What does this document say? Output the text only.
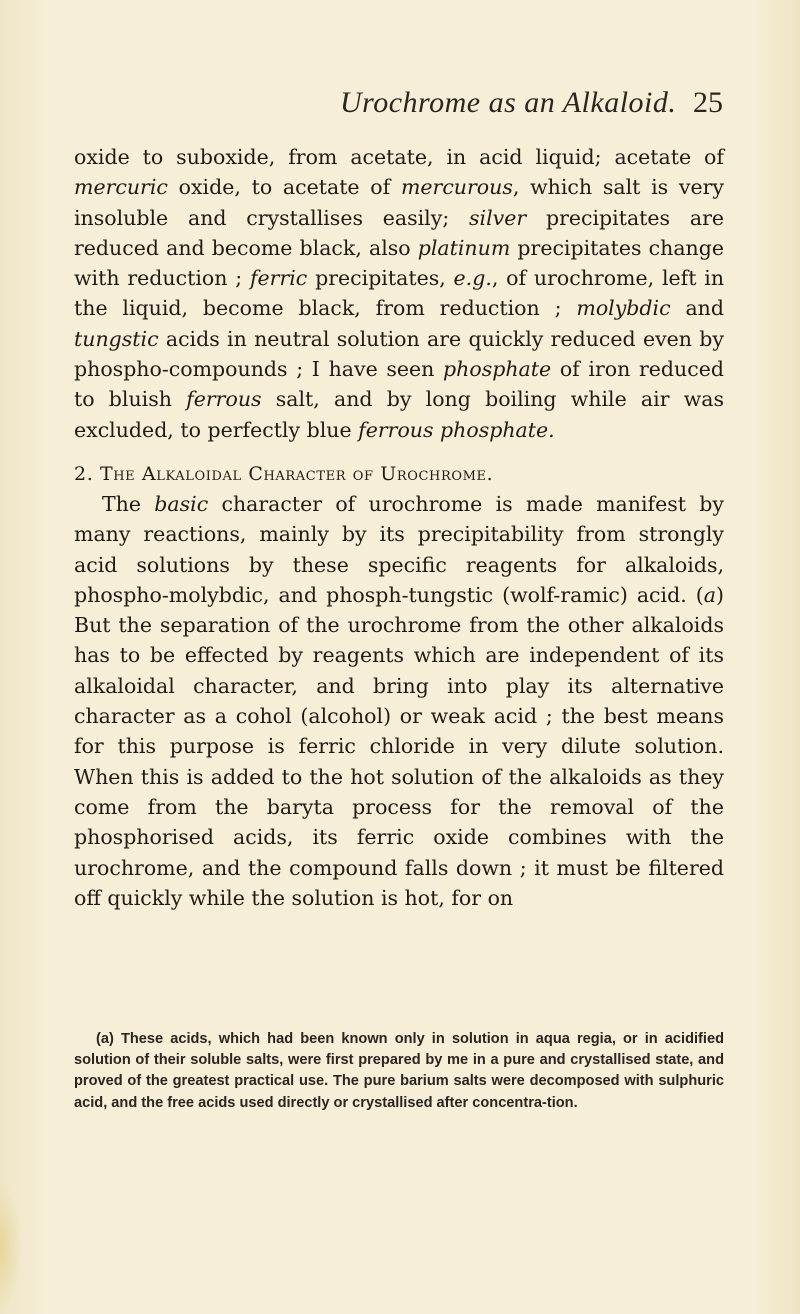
Urochrome as an Alkaloid. 25

oxide to suboxide, from acetate, in acid liquid; acetate of mercuric oxide, to acetate of mercurous, which salt is very insoluble and crystallises easily; silver precipitates are reduced and become black, also platinum precipitates change with reduction ; ferric precipitates, e.g., of urochrome, left in the liquid, become black, from reduction ; molybdic and tungstic acids in neutral solution are quickly reduced even by phospho-compounds ; I have seen phosphate of iron reduced to bluish ferrous salt, and by long boiling while air was excluded, to perfectly blue ferrous phosphate.

2. The Alkaloidal Character of Urochrome.

The basic character of urochrome is made manifest by many reactions, mainly by its precipitability from strongly acid solutions by these specific reagents for alkaloids, phospho-molybdic, and phosph-tungstic (wolf-ramic) acid. (a) But the separation of the urochrome from the other alkaloids has to be effected by reagents which are independent of its alkaloidal character, and bring into play its alternative character as a cohol (alcohol) or weak acid ; the best means for this purpose is ferric chloride in very dilute solution. When this is added to the hot solution of the alkaloids as they come from the baryta process for the removal of the phosphorised acids, its ferric oxide combines with the urochrome, and the compound falls down ; it must be filtered off quickly while the solution is hot, for on

(a) These acids, which had been known only in solution in aqua regia, or in acidified solution of their soluble salts, were first prepared by me in a pure and crystallised state, and proved of the greatest practical use. The pure barium salts were decomposed with sulphuric acid, and the free acids used directly or crystallised after concentra-tion.
